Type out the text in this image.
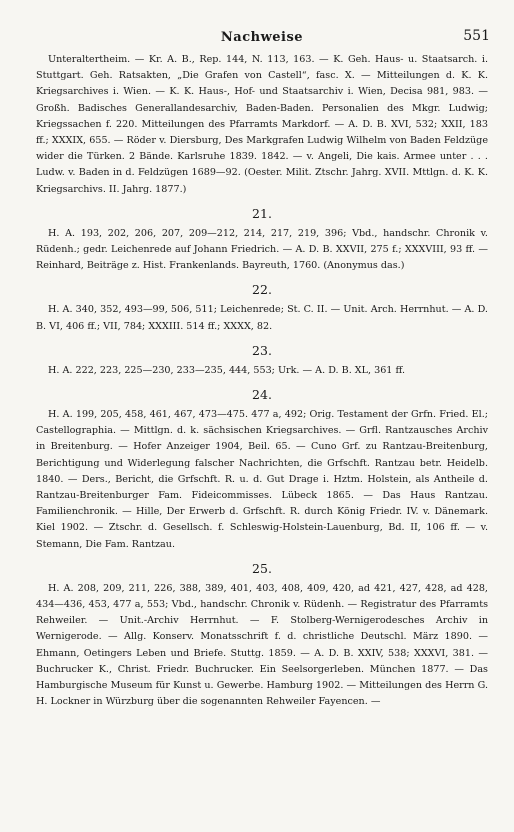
Nachweise	551

Unteraltertheim. — Kr. A. B., Rep. 144, N. 113, 163. — K. Geh. Haus- u. Staatsarch. i. Stuttgart. Geh. Ratsakten, „Die Grafen von Castell“, fasc. X. — Mitteilungen d. K. K. Kriegsarchives i. Wien. — K. K. Haus-, Hof- und Staatsarchiv i. Wien, Decisa 981, 983. — Großh. Badisches Generallandesarchiv, Baden-Baden. Personalien des Mkgr. Ludwig; Kriegssachen f. 220. Mitteilungen des Pfarramts Markdorf. — A. D. B. XVI, 532; XXII, 183 ff.; XXXIX, 655. — Röder v. Diersburg, Des Markgrafen Ludwig Wilhelm von Baden Feldzüge wider die Türken. 2 Bände. Karlsruhe 1839. 1842. — v. Angeli, Die kais. Armee unter . . . Ludw. v. Baden in d. Feldzügen 1689—92. (Oester. Milit. Ztschr. Jahrg. XVII. Mttlgn. d. K. K. Kriegsarchivs. II. Jahrg. 1877.)

21.

H. A. 193, 202, 206, 207, 209—212, 214, 217, 219, 396; Vbd., handschr. Chronik v. Rüdenh.; gedr. Leichenrede auf Johann Friedrich. — A. D. B. XXVII, 275 f.; XXXVIII, 93 ff. — Reinhard, Beiträge z. Hist. Frankenlands. Bayreuth, 1760. (Anonymus das.)

22.

H. A. 340, 352, 493—99, 506, 511; Leichenrede; St. C. II. — Unit. Arch. Herrnhut. — A. D. B. VI, 406 ff.; VII, 784; XXXIII. 514 ff.; XXXX, 82.

23.

H. A. 222, 223, 225—230, 233—235, 444, 553; Urk. — A. D. B. XL, 361 ff.

24.

H. A. 199, 205, 458, 461, 467, 473—475. 477 a, 492; Orig. Testament der Grfn. Fried. El.; Castellographia. — Mittlgn. d. k. sächsischen Kriegsarchives. — Grfl. Rantzausches Archiv in Breitenburg. — Hofer Anzeiger 1904, Beil. 65. — Cuno Grf. zu Rantzau-Breitenburg, Berichtigung und Widerlegung falscher Nachrichten, die Grfschft. Rantzau betr. Heidelb. 1840. — Ders., Bericht, die Grfschft. R. u. d. Gut Drage i. Hztm. Holstein, als Antheile d. Rantzau-Breitenburger Fam. Fideicommisses. Lübeck 1865. — Das Haus Rantzau. Familienchronik. — Hille, Der Erwerb d. Grfschft. R. durch König Friedr. IV. v. Dänemark. Kiel 1902. — Ztschr. d. Gesellsch. f. Schleswig-Holstein-Lauenburg, Bd. II, 106 ff. — v. Stemann, Die Fam. Rantzau.

25.

H. A. 208, 209, 211, 226, 388, 389, 401, 403, 408, 409, 420, ad 421, 427, 428, ad 428, 434—436, 453, 477 a, 553; Vbd., handschr. Chronik v. Rüdenh. — Registratur des Pfarramts Rehweiler. — Unit.-Archiv Herrnhut. — F. Stolberg-Wernigerodesches Archiv in Wernigerode. — Allg. Konserv. Monatsschrift f. d. christliche Deutschl. März 1890. — Ehmann, Oetingers Leben und Briefe. Stuttg. 1859. — A. D. B. XXIV, 538; XXXVI, 381. — Buchrucker K., Christ. Friedr. Buchrucker. Ein Seelsorgerleben. München 1877. — Das Hamburgische Museum für Kunst u. Gewerbe. Hamburg 1902. — Mitteilungen des Herrn G. H. Lockner in Würzburg über die sogenannten Rehweiler Fayencen. —
